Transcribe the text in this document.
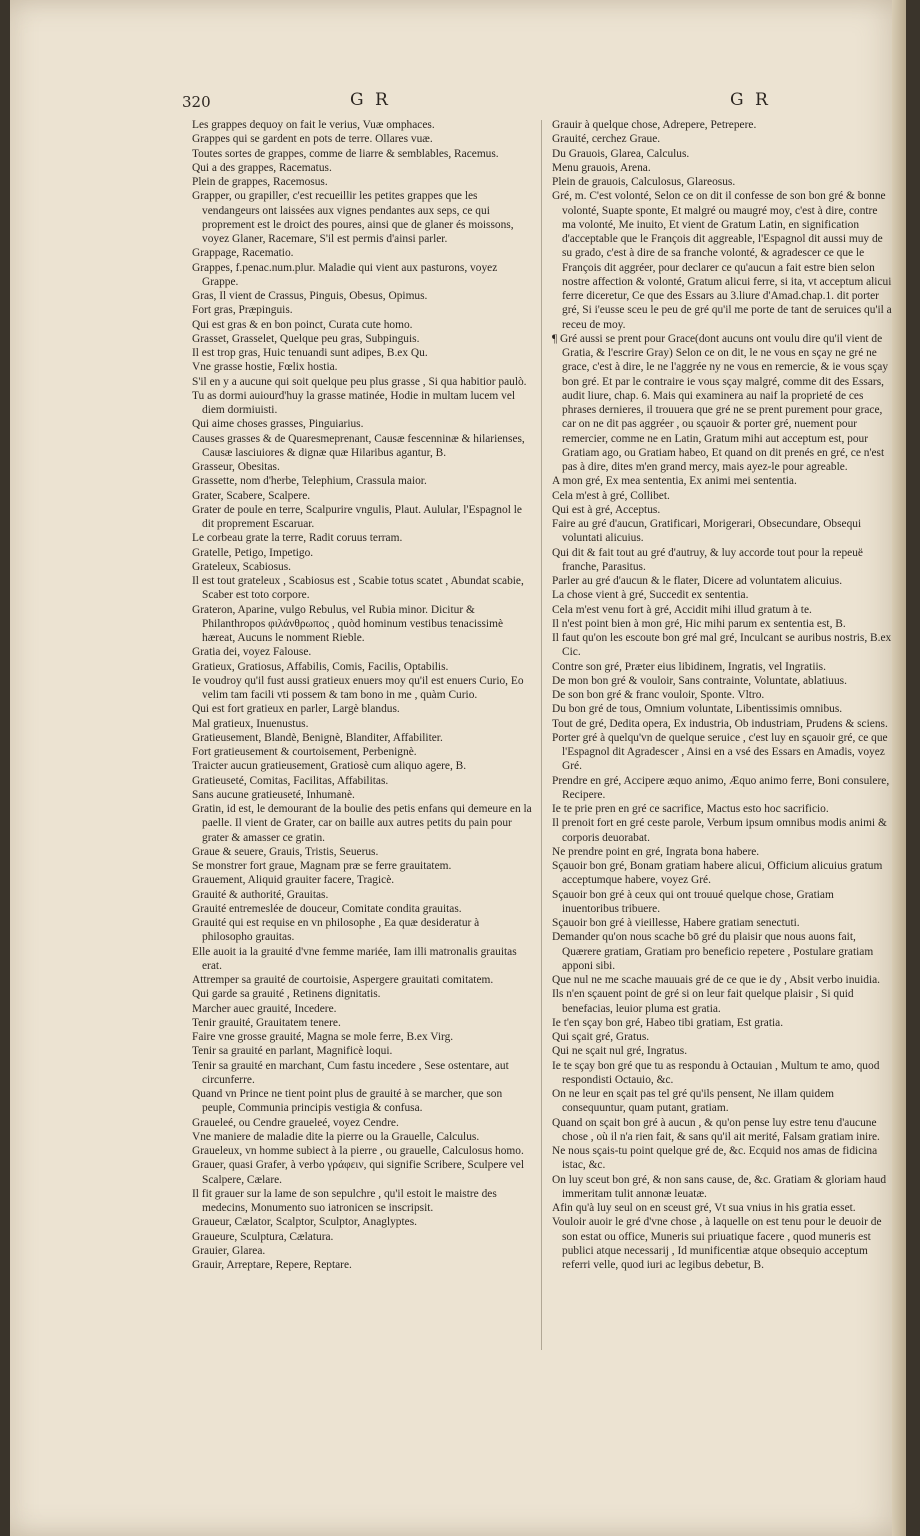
320	G R	G R

Les grappes dequoy on fait le verius, Vuæ omphaces.

Grappes qui se gardent en pots de terre. Ollares vuæ.

Toutes sortes de grappes, comme de liarre & semblables, Racemus.

Qui a des grappes, Racematus.

Plein de grappes, Racemosus.

Grapper, ou grapiller, c'est recueillir les petites grappes que les vendangeurs ont laissées aux vignes pendantes aux seps, ce qui proprement est le droict des poures, ainsi que de glaner és moissons, voyez Glaner, Racemare, S'il est permis d'ainsi parler.

Grappage, Racematio.

Grappes, f.penac.num.plur. Maladie qui vient aux pasturons, voyez Grappe.

Gras, Il vient de Crassus, Pinguis, Obesus, Opimus.

Fort gras, Præpinguis.

Qui est gras & en bon poinct, Curata cute homo.

Grasset, Grasselet, Quelque peu gras, Subpinguis.

Il est trop gras, Huic tenuandi sunt adipes, B.ex Qu.

Vne grasse hostie, Fœlix hostia.

S'il en y a aucune qui soit quelque peu plus grasse , Si qua habitior paulò.

Tu as dormi auiourd'huy la grasse matinée, Hodie in multam lucem vel diem dormiuisti.

Qui aime choses grasses, Pinguiarius.

Causes grasses & de Quaresmeprenant, Causæ fescenninæ & hilarienses, Causæ lasciuiores & dignæ quæ Hilaribus agantur, B.

Grasseur, Obesitas.

Grassette, nom d'herbe, Telephium, Crassula maior.

Grater, Scabere, Scalpere.

Grater de poule en terre, Scalpurire vngulis, Plaut. Aulular, l'Espagnol le dit proprement Escaruar.

Le corbeau grate la terre, Radit coruus terram.

Gratelle, Petigo, Impetigo.

Grateleux, Scabiosus.

Il est tout grateleux , Scabiosus est , Scabie totus scatet , Abundat scabie, Scaber est toto corpore.

Grateron, Aparine, vulgo Rebulus, vel Rubia minor. Dicitur & Philanthropos φιλάνθρωπος , quòd hominum vestibus tenacissimè hæreat, Aucuns le nomment Rieble.

Gratia dei, voyez Falouse.

Gratieux, Gratiosus, Affabilis, Comis, Facilis, Optabilis.

Ie voudroy qu'il fust aussi gratieux enuers moy qu'il est enuers Curio, Eo velim tam facili vti possem & tam bono in me , quàm Curio.

Qui est fort gratieux en parler, Largè blandus.

Mal gratieux, Inuenustus.

Gratieusement, Blandè, Benignè, Blanditer, Affabiliter.

Fort gratieusement & courtoisement, Perbenignè.

Traicter aucun gratieusement, Gratiosè cum aliquo agere, B.

Gratieuseté, Comitas, Facilitas, Affabilitas.

Sans aucune gratieuseté, Inhumanè.

Gratin, id est, le demourant de la boulie des petis enfans qui demeure en la paelle. Il vient de Grater, car on baille aux autres petits du pain pour grater & amasser ce gratin.

Graue & seuere, Grauis, Tristis, Seuerus.

Se monstrer fort graue, Magnam præ se ferre grauitatem.

Grauement, Aliquid grauiter facere, Tragicè.

Grauité & authorité, Grauitas.

Grauité entremeslée de douceur, Comitate condita grauitas.

Grauité qui est requise en vn philosophe , Ea quæ desideratur à philosopho grauitas.

Elle auoit ia la grauité d'vne femme mariée, Iam illi matronalis grauitas erat.

Attremper sa grauité de courtoisie, Aspergere grauitati comitatem.

Qui garde sa grauité , Retinens dignitatis.

Marcher auec grauité, Incedere.

Tenir grauité, Grauitatem tenere.

Faire vne grosse grauité, Magna se mole ferre, B.ex Virg.

Tenir sa grauité en parlant, Magnificè loqui.

Tenir sa grauité en marchant, Cum fastu incedere , Sese ostentare, aut circunferre.

Quand vn Prince ne tient point plus de grauité à se marcher, que son peuple, Communia principis vestigia & confusa.

Graueleé, ou Cendre graueleé, voyez Cendre.

Vne maniere de maladie dite la pierre ou la Grauelle, Calculus.

Graueleux, vn homme subiect à la pierre , ou grauelle, Calculosus homo.

Grauer, quasi Grafer, à verbo γράφειν, qui signifie Scribere, Sculpere vel Scalpere, Cælare.

Il fit grauer sur la lame de son sepulchre , qu'il estoit le maistre des medecins, Monumento suo iatronicen se inscripsit.

Graueur, Cælator, Scalptor, Sculptor, Anaglyptes.

Graueure, Sculptura, Cælatura.

Grauier, Glarea.

Grauir, Arreptare, Repere, Reptare.

Grauir à quelque chose, Adrepere, Petrepere.

Grauité, cerchez Graue.

Du Grauois, Glarea, Calculus.

Menu grauois, Arena.

Plein de grauois, Calculosus, Glareosus.

Gré, m. C'est volonté, Selon ce on dit il confesse de son bon gré & bonne volonté, Suapte sponte, Et malgré ou maugré moy, c'est à dire, contre ma volonté, Me inuito, Et vient de Gratum Latin, en signification d'acceptable que le François dit aggreable, l'Espagnol dit aussi muy de su grado, c'est à dire de sa franche volonté, & agradescer ce que le François dit aggréer, pour declarer ce qu'aucun a fait estre bien selon nostre affection & volonté, Gratum alicui ferre, si ita, vt acceptum alicui ferre diceretur, Ce que des Essars au 3.liure d'Amad.chap.1. dit porter gré, Si i'eusse sceu le peu de gré qu'il me porte de tant de seruices qu'il a receu de moy.

¶ Gré aussi se prent pour Grace(dont aucuns ont voulu dire qu'il vient de Gratia, & l'escrire Gray) Selon ce on dit, le ne vous en sçay ne gré ne grace, c'est à dire, le ne l'aggrée ny ne vous en remercie, & ie vous sçay bon gré. Et par le contraire ie vous sçay malgré, comme dit des Essars, audit liure, chap. 6. Mais qui examinera au naif la proprieté de ces phrases dernieres, il trouuera que gré ne se prent purement pour grace, car on ne dit pas aggréer , ou sçauoir & porter gré, nuement pour remercier, comme ne en Latin, Gratum mihi aut acceptum est, pour Gratiam ago, ou Gratiam habeo, Et quand on dit prenés en gré, ce n'est pas à dire, dites m'en grand mercy, mais ayez-le pour agreable.

A mon gré, Ex mea sententia, Ex animi mei sententia.

Cela m'est à gré, Collibet.

Qui est à gré, Acceptus.

Faire au gré d'aucun, Gratificari, Morigerari, Obsecundare, Obsequi voluntati alicuius.

Qui dit & fait tout au gré d'autruy, & luy accorde tout pour la repeuë franche, Parasitus.

Parler au gré d'aucun & le flater, Dicere ad voluntatem alicuius.

La chose vient à gré, Succedit ex sententia.

Cela m'est venu fort à gré, Accidit mihi illud gratum à te.

Il n'est point bien à mon gré, Hic mihi parum ex sententia est, B.

Il faut qu'on les escoute bon gré mal gré, Inculcant se auribus nostris, B.ex Cic.

Contre son gré, Præter eius libidinem, Ingratis, vel Ingratiis.

De mon bon gré & vouloir, Sans contrainte, Voluntate, ablatiuus.

De son bon gré & franc vouloir, Sponte. Vltro.

Du bon gré de tous, Omnium voluntate, Libentissimis omnibus.

Tout de gré, Dedita opera, Ex industria, Ob industriam, Prudens & sciens.

Porter gré à quelqu'vn de quelque seruice , c'est luy en sçauoir gré, ce que l'Espagnol dit Agradescer , Ainsi en a vsé des Essars en Amadis, voyez Gré.

Prendre en gré, Accipere æquo animo, Æquo animo ferre, Boni consulere, Recipere.

Ie te prie pren en gré ce sacrifice, Mactus esto hoc sacrificio.

Il prenoit fort en gré ceste parole, Verbum ipsum omnibus modis animi & corporis deuorabat.

Ne prendre point en gré, Ingrata bona habere.

Sçauoir bon gré, Bonam gratiam habere alicui, Officium alicuius gratum acceptumque habere, voyez Gré.

Sçauoir bon gré à ceux qui ont trouué quelque chose, Gratiam inuentoribus tribuere.

Sçauoir bon gré à vieillesse, Habere gratiam senectuti.

Demander qu'on nous scache bō gré du plaisir que nous auons fait, Quærere gratiam, Gratiam pro beneficio repetere , Postulare gratiam apponi sibi.

Que nul ne me scache mauuais gré de ce que ie dy , Absit verbo inuidia.

Ils n'en sçauent point de gré si on leur fait quelque plaisir , Si quid benefacias, leuior pluma est gratia.

Ie t'en sçay bon gré, Habeo tibi gratiam, Est gratia.

Qui sçait gré, Gratus.

Qui ne sçait nul gré, Ingratus.

Ie te sçay bon gré que tu as respondu à Octauian , Multum te amo, quod respondisti Octauio, &c.

On ne leur en sçait pas tel gré qu'ils pensent, Ne illam quidem consequuntur, quam putant, gratiam.

Quand on sçait bon gré à aucun , & qu'on pense luy estre tenu d'aucune chose , où il n'a rien fait, & sans qu'il ait merité, Falsam gratiam inire.

Ne nous sçais-tu point quelque gré de, &c. Ecquid nos amas de fidicina istac, &c.

On luy sceut bon gré, & non sans cause, de, &c. Gratiam & gloriam haud immeritam tulit annonæ leuatæ.

Afin qu'à luy seul on en sceust gré, Vt sua vnius in his gratia esset.

Vouloir auoir le gré d'vne chose , à laquelle on est tenu pour le deuoir de son estat ou office, Muneris sui priuatique facere , quod muneris est publici atque necessarij , Id munificentiæ atque obsequio acceptum referri velle, quod iuri ac legibus debetur, B.
